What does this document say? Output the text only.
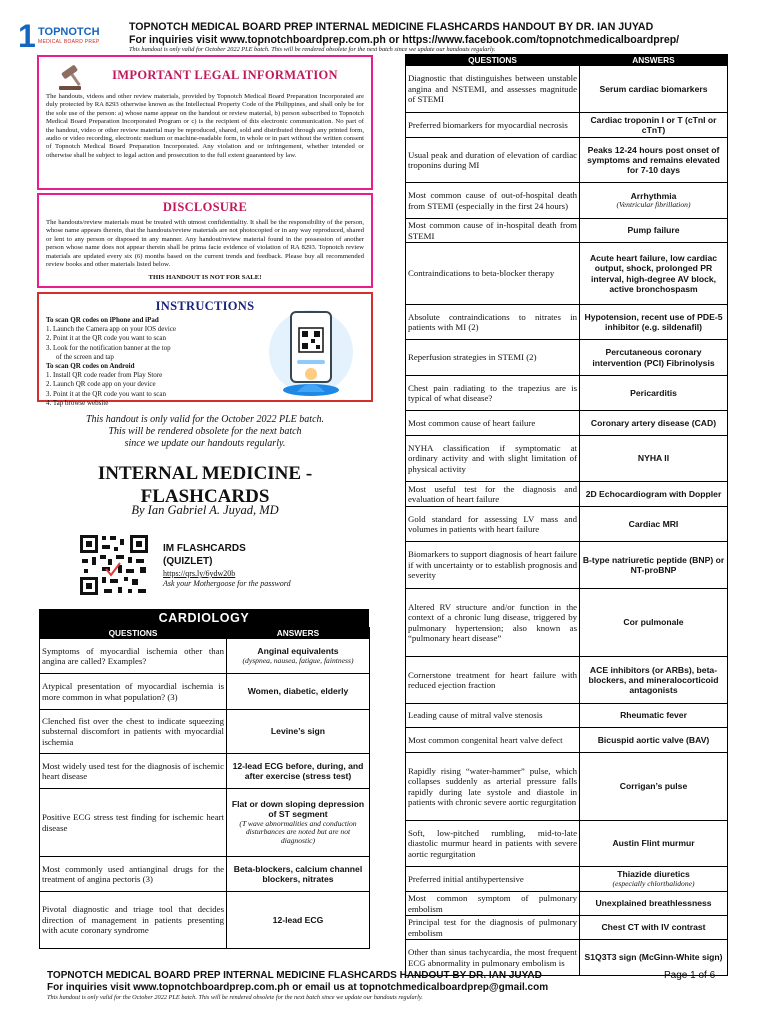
1 TOPNOTCH
MEDICAL BOARD PREP
TOPNOTCH MEDICAL BOARD PREP INTERNAL MEDICINE FLASHCARDS HANDOUT BY DR. IAN JUYAD
For inquiries visit www.topnotchboardprep.com.ph or https://www.facebook.com/topnotchmedicalboardprep/
This handout is only valid for October 2022 PLE batch. This will be rendered obsolete for the next batch since we update our handouts regularly.
IMPORTANT LEGAL INFORMATION
The handouts, videos and other review materials, provided by Topnotch Medical Board Preparation Incorporated are duly protected by RA 8293 otherwise known as the Intellectual Property Code of the Philippines, and shall only be for the sole use of the person: a) whose name appear on the handout or review material, b) person subscribed to Topnotch Medical Board Preparation Incorporated Program or c) is the recipient of this electronic communication. No part of the handout, video or other review material may be reproduced, shared, sold and distributed through any printed form, audio or video recording, electronic medium or machine-readable form, in whole or in part without the written consent of Topnotch Medical Board Preparation Incorporated. Any violation and or infringement, whether intended or otherwise shall be subject to legal action and prosecution to the full extent guaranteed by law.
DISCLOSURE
The handouts/review materials must be treated with utmost confidentiality. It shall be the responsibility of the person, whose name appears therein, that the handouts/review materials are not photocopied or in any way reproduced, shared or lent to any person or disposed in any manner. Any handout/review material found in the possession of another person whose name does not appear therein shall be prima facie evidence of violation of RA 8293. Topnotch review materials are updated every six (6) months based on the current trends and feedback. Please buy all recommended review books and other materials listed below.
THIS HANDOUT IS NOT FOR SALE!
INSTRUCTIONS
To scan QR codes on iPhone and iPad
1. Launch the Camera app on your IOS device
2. Point it at the QR code you want to scan
3. Look for the notification banner at the top
of the screen and tap
To scan QR codes on Android
1. Install QR code reader from Play Store
2. Launch QR code app on your device
3. Point it at the QR code you want to scan
4. Tap browse website
This handout is only valid for the October 2022 PLE batch.
This will be rendered obsolete for the next batch
since we update our handouts regularly.
INTERNAL MEDICINE -
FLASHCARDS
By Ian Gabriel A. Juyad, MD
IM FLASHCARDS
(QUIZLET)
https://qrs.ly/6ydw20b
Ask your Mothergoose for the password
CARDIOLOGY
QUESTIONS	ANSWERS
Symptoms of myocardial ischemia other than angina are called? Examples?	Anginal equivalents
(dyspnea, nausea, fatigue, faintness)

Atypical presentation of myocardial ischemia is more common in what population? (3)	Women, diabetic, elderly
Clenched fist over the chest to indicate squeezing substernal discomfort in patients with myocardial ischemia	Levine’s sign
Most widely used test for the diagnosis of ischemic heart disease	12-lead ECG before, during, and after exercise (stress test)
Positive ECG stress test finding for ischemic heart disease	Flat or down sloping depression of ST segment
(T wave abnormalities and conduction disturbances are noted but are not diagnostic)

Most commonly used antianginal drugs for the treatment of angina pectoris (3)	Beta-blockers, calcium channel blockers, nitrates
Pivotal diagnostic and triage tool that decides direction of management in patients presenting with acute coronary syndrome	12-lead ECG
QUESTIONS	ANSWERS
Diagnostic that distinguishes between unstable angina and NSTEMI, and assesses magnitude of STEMI	Serum cardiac biomarkers
Preferred biomarkers for myocardial necrosis	Cardiac troponin I or T (cTnI or cTnT)
Usual peak and duration of elevation of cardiac troponins during MI	Peaks 12-24 hours post onset of symptoms and remains elevated for 7-10 days
Most common cause of out-of-hospital death from STEMI (especially in the first 24 hours)	Arrhythmia
(Ventricular fibrillation)

Most common cause of in-hospital death from STEMI	Pump failure
Contraindications to beta-blocker therapy	Acute heart failure, low cardiac output, shock, prolonged PR interval, high-degree AV block, active bronchospasm
Absolute contraindications to nitrates in patients with MI (2)	Hypotension, recent use of PDE-5 inhibitor (e.g. sildenafil)
Reperfusion strategies in STEMI (2)	Percutaneous coronary intervention (PCI) Fibrinolysis
Chest pain radiating to the trapezius are is typical of what disease?	Pericarditis
Most common cause of heart failure	Coronary artery disease (CAD)
NYHA classification if symptomatic at ordinary activity and with slight limitation of physical activity	NYHA II
Most useful test for the diagnosis and evaluation of heart failure	2D Echocardiogram with Doppler
Gold standard for assessing LV mass and volumes in patients with heart failure	Cardiac MRI
Biomarkers to support diagnosis of heart failure if with uncertainty or to establish prognosis and severity	B-type natriuretic peptide (BNP) or NT-proBNP
Altered RV structure and/or function in the context of a chronic lung disease, triggered by pulmonary hypertension; also known as “pulmonary heart disease”	Cor pulmonale
Cornerstone treatment for heart failure with reduced ejection fraction	ACE inhibitors (or ARBs), beta-blockers, and mineralocorticoid antagonists
Leading cause of mitral valve stenosis	Rheumatic fever
Most common congenital heart valve defect	Bicuspid aortic valve (BAV)
Rapidly rising “water-hammer” pulse, which collapses suddenly as arterial pressure falls rapidly during late systole and diastole in patients with chronic severe aortic regurgitation	Corrigan’s pulse
Soft, low-pitched rumbling, mid-to-late diastolic murmur heard in patients with severe aortic regurgitation	Austin Flint murmur
Preferred initial antihypertensive	Thiazide diuretics
(especially chlorthalidone)

Most common symptom of pulmonary embolism	Unexplained breathlessness
Principal test for the diagnosis of pulmonary embolism	Chest CT with IV contrast
Other than sinus tachycardia, the most frequent ECG abnormality in pulmonary embolism is	S1Q3T3 sign (McGinn-White sign)
TOPNOTCH MEDICAL BOARD PREP INTERNAL MEDICINE FLASHCARDS HANDOUT BY DR. IAN JUYAD
For inquiries visit www.topnotchboardprep.com.ph or email us at topnotchmedicalboardprep@gmail.com
This handout is only valid for the October 2022 PLE batch. This will be rendered obsolete for the next batch since we update our handouts regularly.
Page 1 of 6
